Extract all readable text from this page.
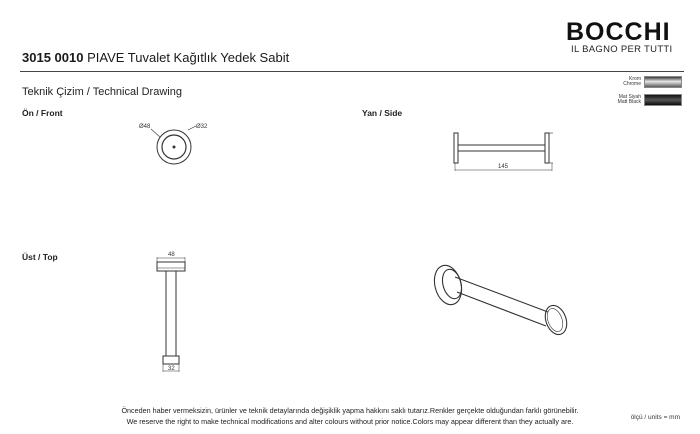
BOCCHI
IL BAGNO PER TUTTI
3015 0010 PIAVE Tuvalet Kağıtlık Yedek Sabit
Teknik Çizim / Technical Drawing
Krom
Chrome
Mat Siyah
Matt Black
Ön / Front	Yan / Side
Üst / Top
Ø48	Ø32
145
48
32
Önceden haber vermeksizin, ürünler ve teknik detaylarında değişiklik yapma hakkını saklı tutarız.Renkler gerçekte olduğundan farklı görünebilir.
We reserve the right to make technical modifications and alter colours without prior notice.Colors may appear different than they actually are.	ölçü / units = mm
